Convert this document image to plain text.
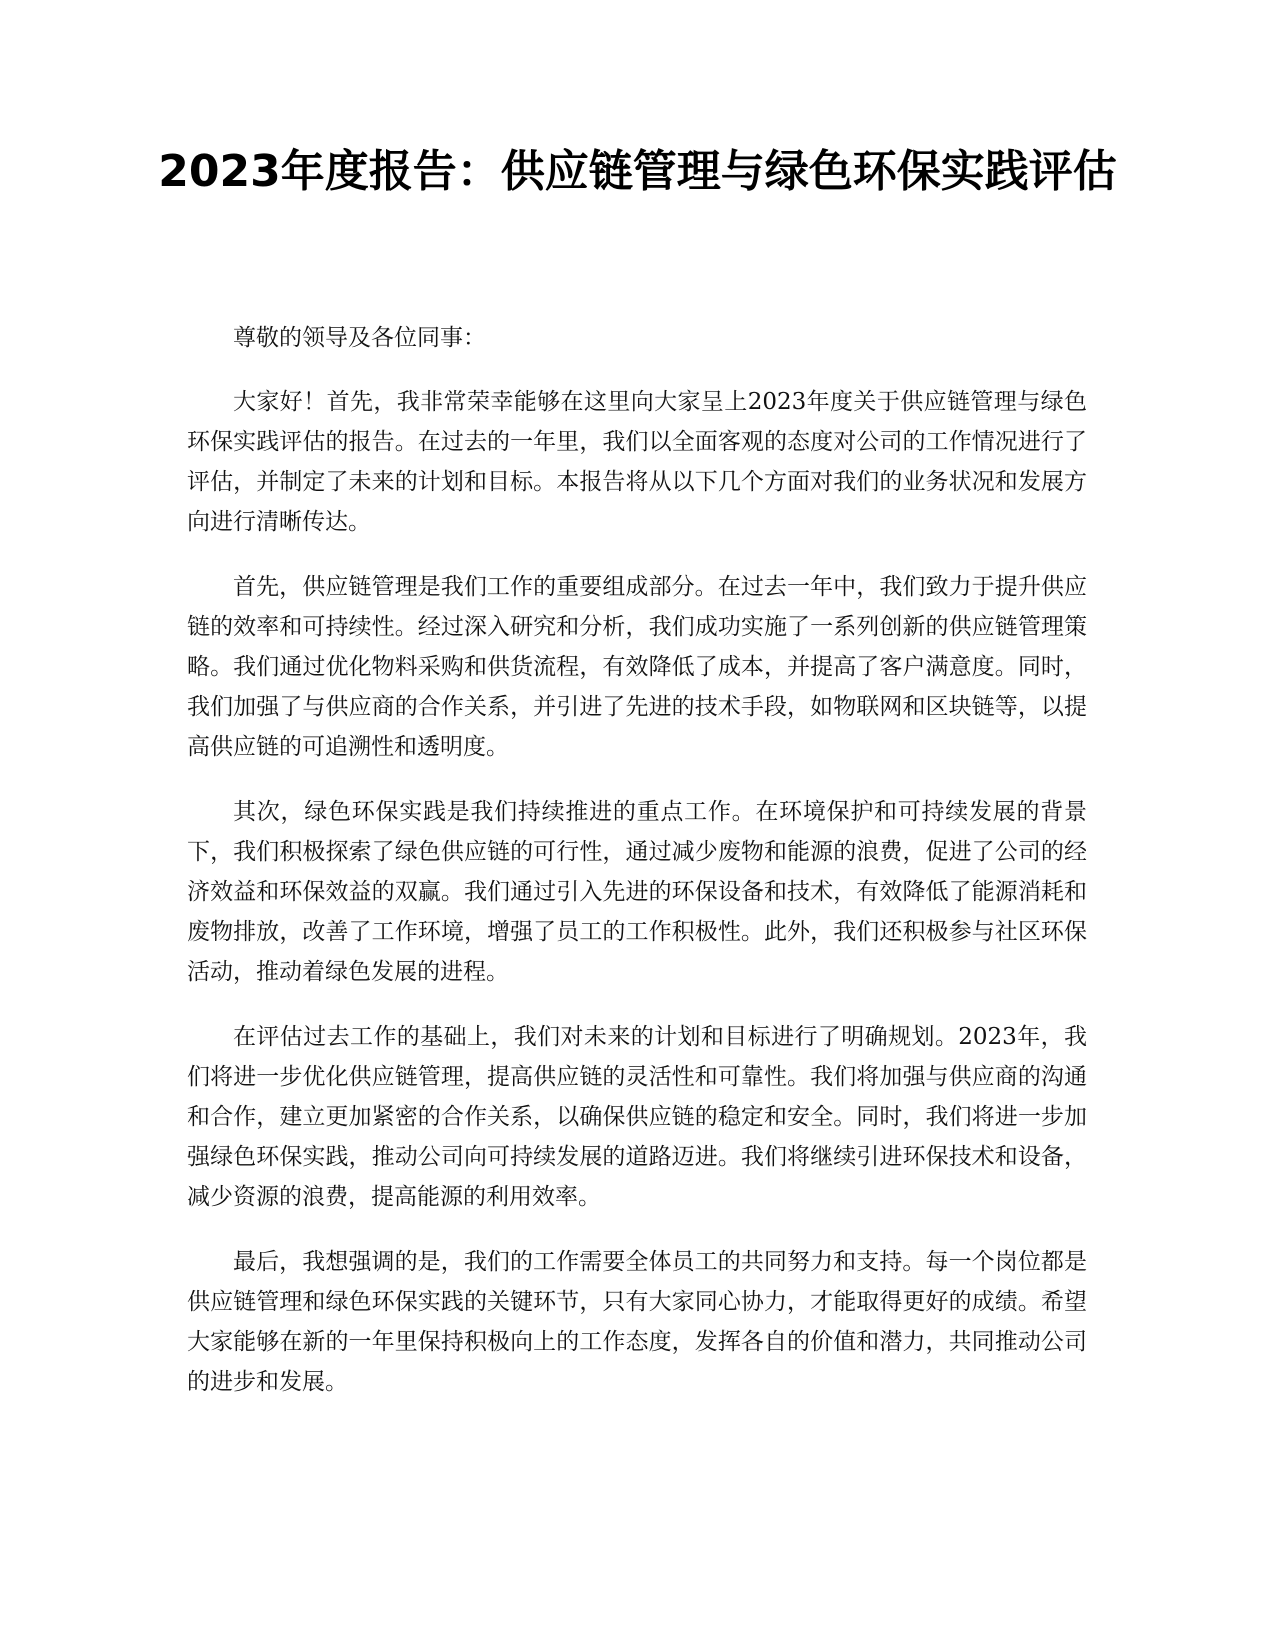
2023年度报告：供应链管理与绿色环保实践评估

尊敬的领导及各位同事：

大家好！首先，我非常荣幸能够在这里向大家呈上2023年度关于供应链管理与绿色环保实践评估的报告。在过去的一年里，我们以全面客观的态度对公司的工作情况进行了评估，并制定了未来的计划和目标。本报告将从以下几个方面对我们的业务状况和发展方向进行清晰传达。

首先，供应链管理是我们工作的重要组成部分。在过去一年中，我们致力于提升供应链的效率和可持续性。经过深入研究和分析，我们成功实施了一系列创新的供应链管理策略。我们通过优化物料采购和供货流程，有效降低了成本，并提高了客户满意度。同时，我们加强了与供应商的合作关系，并引进了先进的技术手段，如物联网和区块链等，以提高供应链的可追溯性和透明度。

其次，绿色环保实践是我们持续推进的重点工作。在环境保护和可持续发展的背景下，我们积极探索了绿色供应链的可行性，通过减少废物和能源的浪费，促进了公司的经济效益和环保效益的双赢。我们通过引入先进的环保设备和技术，有效降低了能源消耗和废物排放，改善了工作环境，增强了员工的工作积极性。此外，我们还积极参与社区环保活动，推动着绿色发展的进程。

在评估过去工作的基础上，我们对未来的计划和目标进行了明确规划。2023年，我们将进一步优化供应链管理，提高供应链的灵活性和可靠性。我们将加强与供应商的沟通和合作，建立更加紧密的合作关系，以确保供应链的稳定和安全。同时，我们将进一步加强绿色环保实践，推动公司向可持续发展的道路迈进。我们将继续引进环保技术和设备，减少资源的浪费，提高能源的利用效率。

最后，我想强调的是，我们的工作需要全体员工的共同努力和支持。每一个岗位都是供应链管理和绿色环保实践的关键环节，只有大家同心协力，才能取得更好的成绩。希望大家能够在新的一年里保持积极向上的工作态度，发挥各自的价值和潜力，共同推动公司的进步和发展。
